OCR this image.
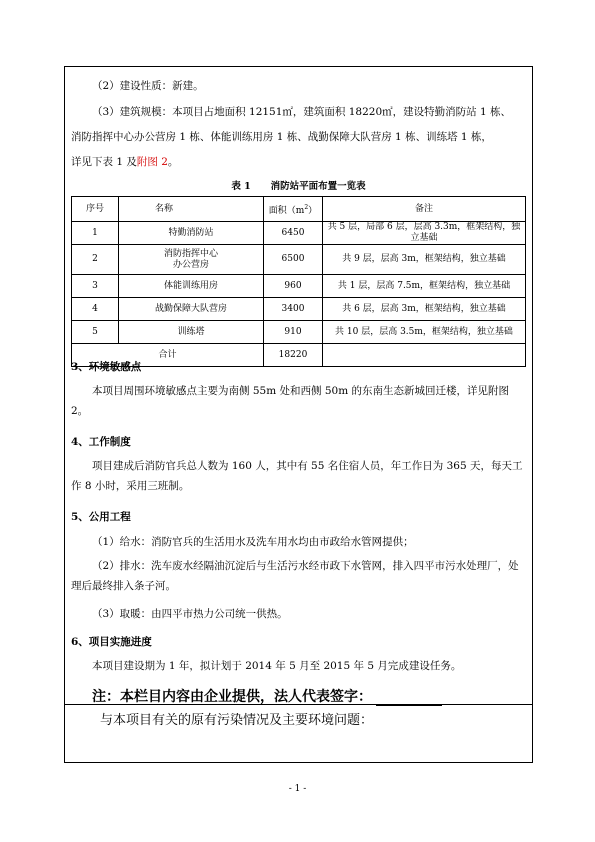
（2）建设性质：新建。
（3）建筑规模：本项目占地面积 12151㎡，建筑面积 18220㎡，建设特勤消防站 1 栋、
消防指挥中心办公营房 1 栋、体能训练用房 1 栋、战勤保障大队营房 1 栋、训练塔 1 栋，
详见下表 1 及附图 2。
表 1      消防站平面布置一览表
序号	名称	面积$(m^2)$	备注
1	特勤消防站	6450	共 5 层，局部 6 层，层高 3.3m，框架结构，独立基础
2	消防指挥中心
办公营房	6500	共 9 层，层高 3m，框架结构，独立基础
3	体能训练用房	960	共 1 层，层高 7.5m，框架结构，独立基础
4	战勤保障大队营房	3400	共 6 层，层高 3m，框架结构，独立基础
5	训练塔	910	共 10 层，层高 3.5m，框架结构，独立基础
合计		18220	
3、环境敏感点
本项目周围环境敏感点主要为南侧 55m 处和西侧 50m 的东南生态新城回迁楼，详见附图 2。
4、工作制度
项目建成后消防官兵总人数为 160 人，其中有 55 名住宿人员，年工作日为 365 天，每天工作 8 小时，采用三班制。
5、公用工程
（1）给水：消防官兵的生活用水及洗车用水均由市政给水管网提供；
（2）排水：洗车废水经隔油沉淀后与生活污水经市政下水管网，排入四平市污水处理厂，处理后最终排入条子河。
（3）取暖：由四平市热力公司统一供热。
6、项目实施进度
本项目建设期为 1 年，拟计划于 2014 年 5 月至 2015 年 5 月完成建设任务。
注：本栏目内容由企业提供，法人代表签字：
与本项目有关的原有污染情况及主要环境问题：
- 1 -
